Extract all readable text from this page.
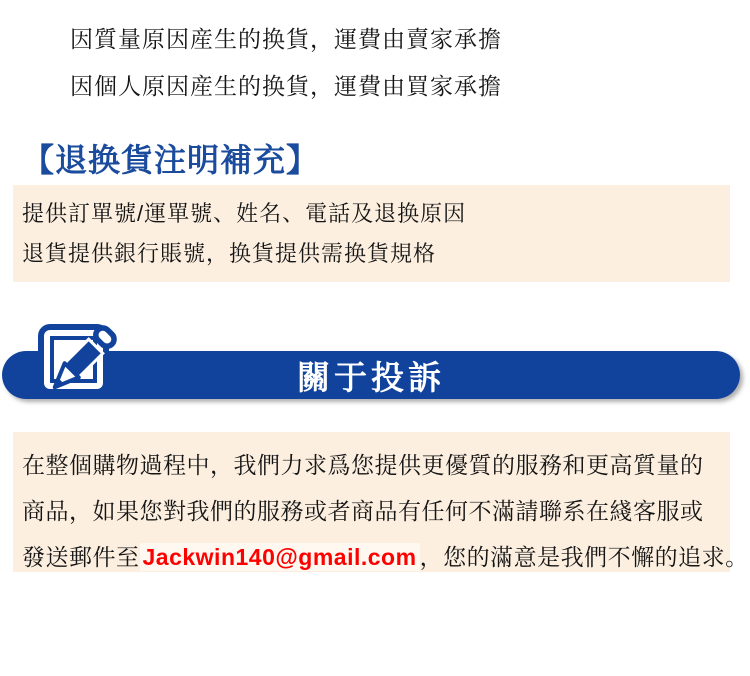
因質量原因産生的换貨，運費由賣家承擔
因個人原因産生的换貨，運費由買家承擔
【退换貨注明補充】
提供訂單號/運單號、姓名、電話及退换原因
退貨提供銀行賬號，换貨提供需换貨規格
關于投訴
在整個購物過程中，我們力求爲您提供更優質的服務和更高質量的
商品，如果您對我們的服務或者商品有任何不滿請聯系在綫客服或
發送郵件至 Jackwin140@gmail.com ，您的滿意是我們不懈的追求。
